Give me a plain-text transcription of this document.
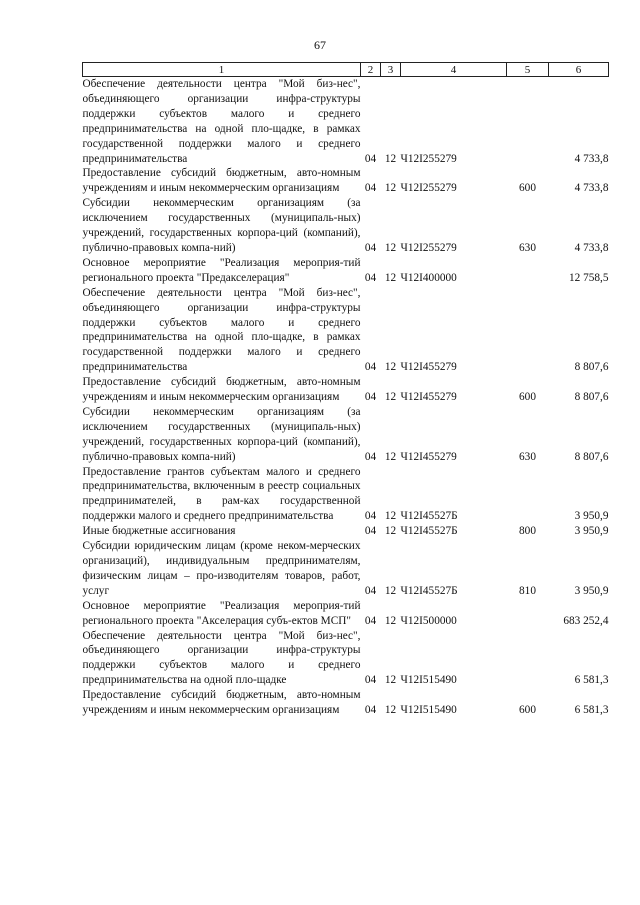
67
1	2	3	4	5	6
Обеспечение деятельности центра "Мой биз-нес", объединяющего организации инфра-структуры поддержки субъектов малого и среднего предпринимательства на одной пло-щадке, в рамках государственной поддержки малого и среднего предпринимательства	04	12	Ч12I255279		4 733,8
Предоставление субсидий бюджетным, авто-номным учреждениям и иным некоммерческим организациям	04	12	Ч12I255279	600	4 733,8
Субсидии некоммерческим организациям (за исключением государственных (муниципаль-ных) учреждений, государственных корпора-ций (компаний), публично-правовых компа-ний)	04	12	Ч12I255279	630	4 733,8
Основное мероприятие "Реализация мероприя-тий регионального проекта "Предакселерация"	04	12	Ч12I400000		12 758,5
Обеспечение деятельности центра "Мой биз-нес", объединяющего организации инфра-структуры поддержки субъектов малого и среднего предпринимательства на одной пло-щадке, в рамках государственной поддержки малого и среднего предпринимательства	04	12	Ч12I455279		8 807,6
Предоставление субсидий бюджетным, авто-номным учреждениям и иным некоммерческим организациям	04	12	Ч12I455279	600	8 807,6
Субсидии некоммерческим организациям (за исключением государственных (муниципаль-ных) учреждений, государственных корпора-ций (компаний), публично-правовых компа-ний)	04	12	Ч12I455279	630	8 807,6
Предоставление грантов субъектам малого и среднего предпринимательства, включенным в реестр социальных предпринимателей, в рам-ках государственной поддержки малого и среднего предпринимательства	04	12	Ч12I45527Б		3 950,9
Иные бюджетные ассигнования	04	12	Ч12I45527Б	800	3 950,9
Субсидии юридическим лицам (кроме неком-мерческих организаций), индивидуальным предпринимателям, физическим лицам – про-изводителям товаров, работ, услуг	04	12	Ч12I45527Б	810	3 950,9
Основное мероприятие "Реализация мероприя-тий регионального проекта "Акселерация субъ-ектов МСП"	04	12	Ч12I500000		683 252,4
Обеспечение деятельности центра "Мой биз-нес", объединяющего организации инфра-структуры поддержки субъектов малого и среднего предпринимательства на одной пло-щадке	04	12	Ч12I515490		6 581,3
Предоставление субсидий бюджетным, авто-номным учреждениям и иным некоммерческим организациям	04	12	Ч12I515490	600	6 581,3
